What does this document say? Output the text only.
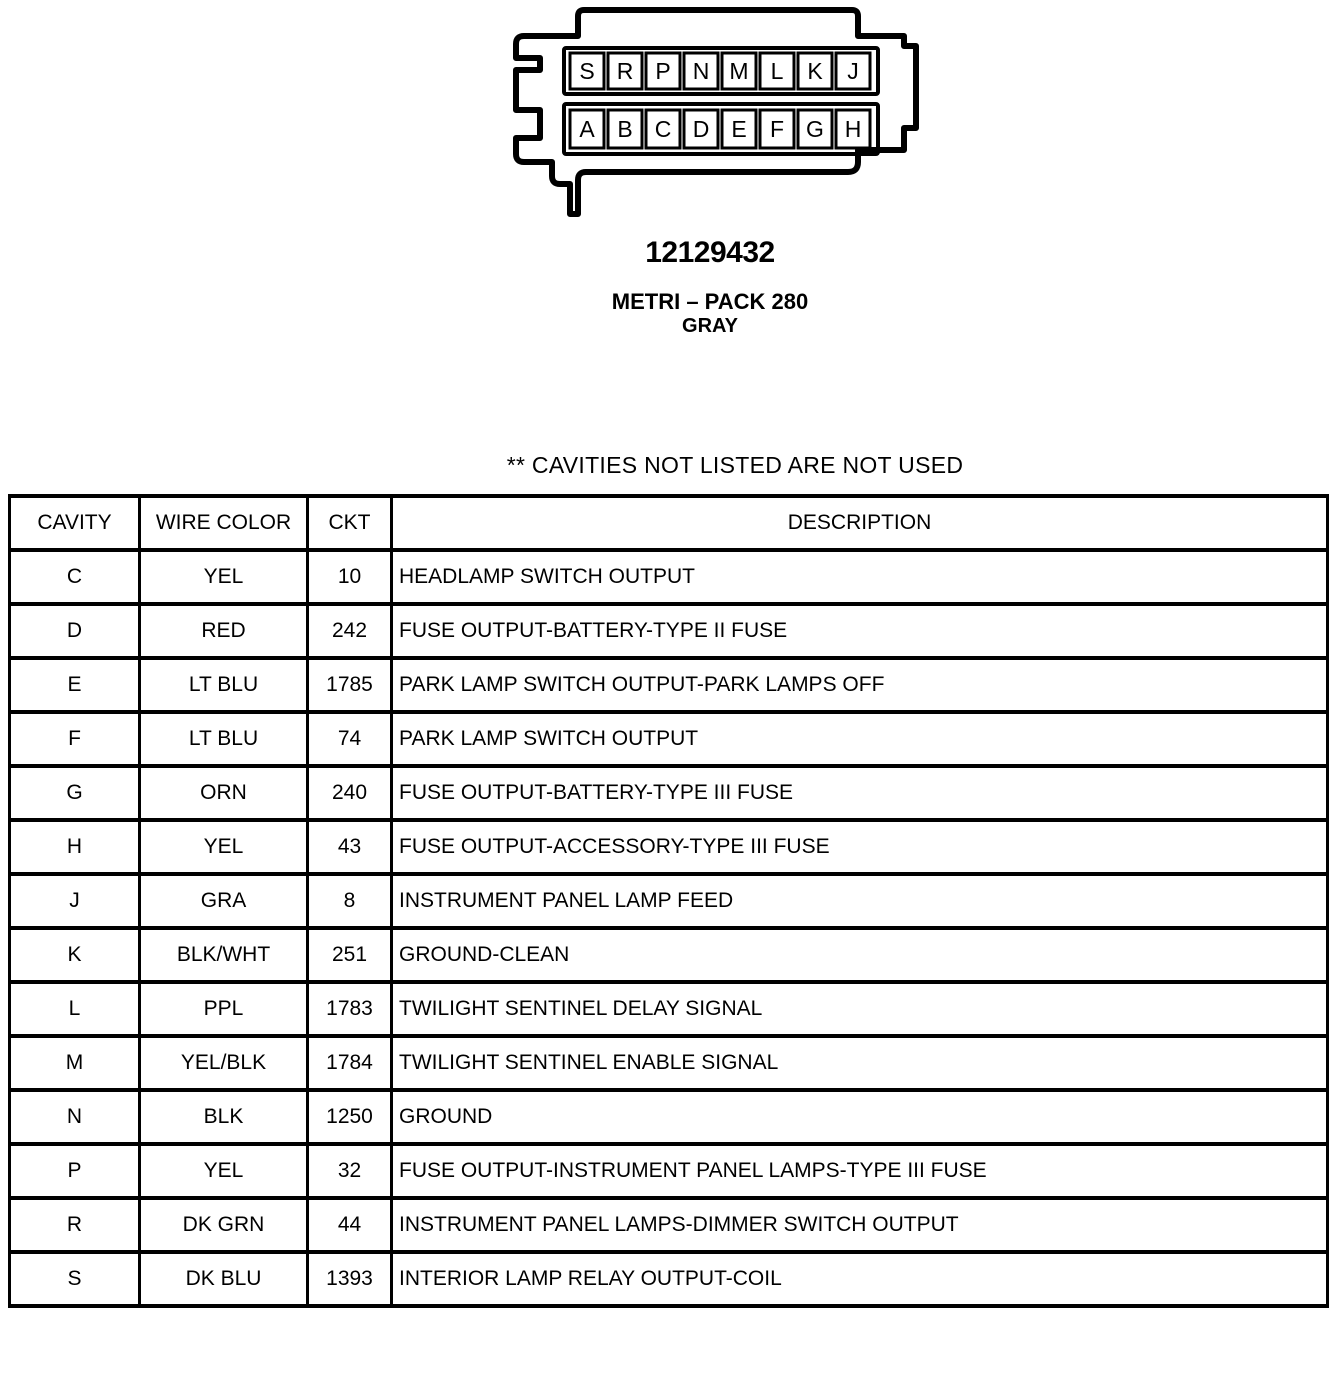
S R P N M L K J
A B C D E F G H
12129432
METRI – PACK 280
GRAY
** CAVITIES NOT LISTED ARE NOT USED
CAVITY	WIRE COLOR	CKT	DESCRIPTION
C	YEL	10	HEADLAMP SWITCH OUTPUT
D	RED	242	FUSE OUTPUT-BATTERY-TYPE II FUSE
E	LT BLU	1785	PARK LAMP SWITCH OUTPUT-PARK LAMPS OFF
F	LT BLU	74	PARK LAMP SWITCH OUTPUT
G	ORN	240	FUSE OUTPUT-BATTERY-TYPE III FUSE
H	YEL	43	FUSE OUTPUT-ACCESSORY-TYPE III FUSE
J	GRA	8	INSTRUMENT PANEL LAMP FEED
K	BLK/WHT	251	GROUND-CLEAN
L	PPL	1783	TWILIGHT SENTINEL DELAY SIGNAL
M	YEL/BLK	1784	TWILIGHT SENTINEL ENABLE SIGNAL
N	BLK	1250	GROUND
P	YEL	32	FUSE OUTPUT-INSTRUMENT PANEL LAMPS-TYPE III FUSE
R	DK GRN	44	INSTRUMENT PANEL LAMPS-DIMMER SWITCH OUTPUT
S	DK BLU	1393	INTERIOR LAMP RELAY OUTPUT-COIL
